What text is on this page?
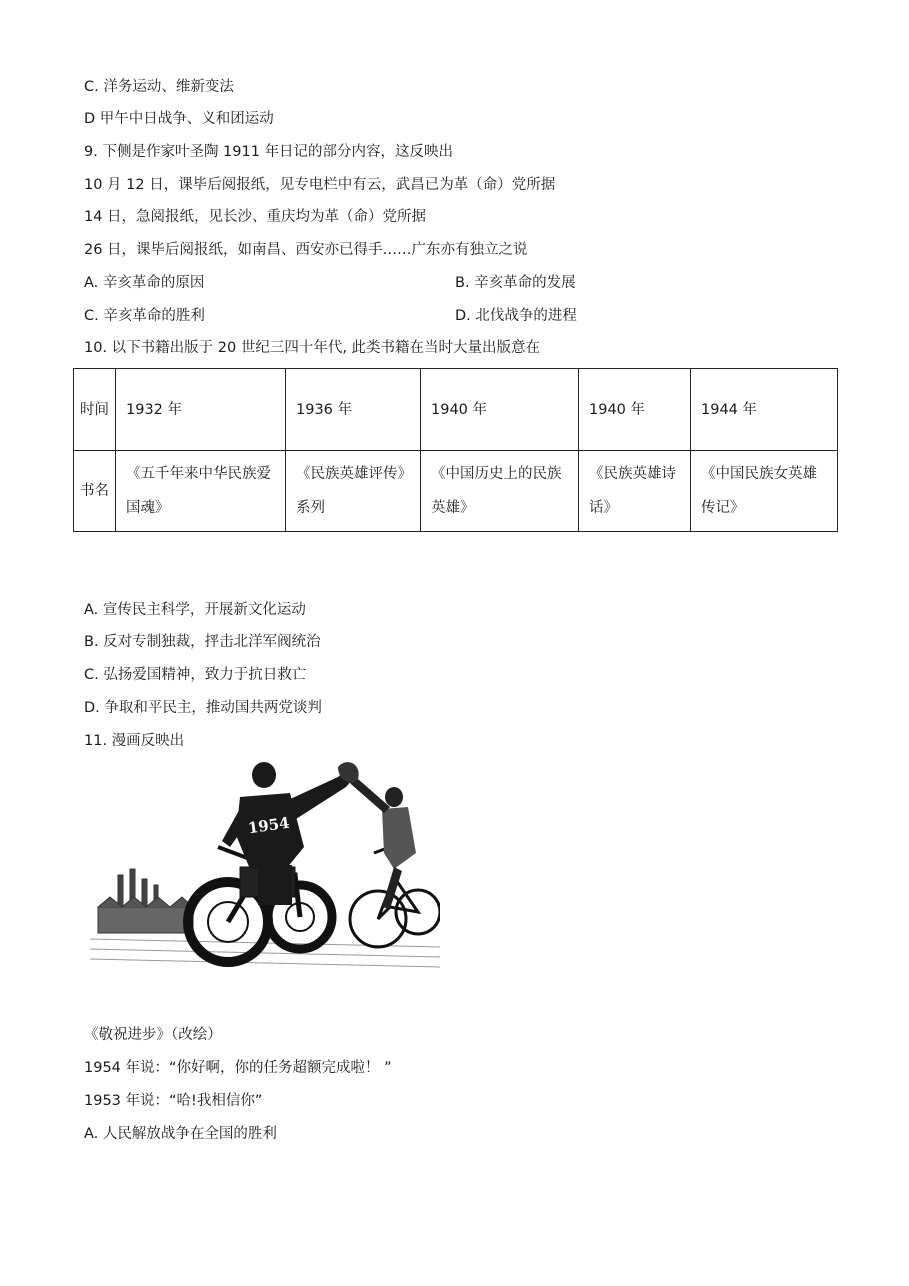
C. 洋务运动、维新变法
D 甲午中日战争、义和团运动
9. 下侧是作家叶圣陶 1911 年日记的部分内容，这反映出
10 月 12 日，课毕后阅报纸，见专电栏中有云，武昌已为革（命）党所据
14 日，急阅报纸，见长沙、重庆均为革（命）党所据
26 日，课毕后阅报纸，如南昌、西安亦已得手……广东亦有独立之说
A. 辛亥革命的原因	B. 辛亥革命的发展
C. 辛亥革命的胜利	D. 北伐战争的进程
10. 以下书籍出版于 20 世纪三四十年代, 此类书籍在当时大量出版意在
时间	1932 年	1936 年	1940 年	1940 年	1944 年
书名	《五千年来中华民族爱国魂》	《民族英雄评传》系列	《中国历史上的民族英雄》	《民族英雄诗话》	《中国民族女英雄传记》
A. 宣传民主科学，开展新文化运动
B. 反对专制独裁，抨击北洋军阀统治
C. 弘扬爱国精神，致力于抗日救亡
D. 争取和平民主，推动国共两党谈判
11. 漫画反映出
1954
《敬祝进步》（改绘）
1954 年说：“你好啊，你的任务超额完成啦！ ”
1953 年说：“哈!我相信你”
A. 人民解放战争在全国的胜利
